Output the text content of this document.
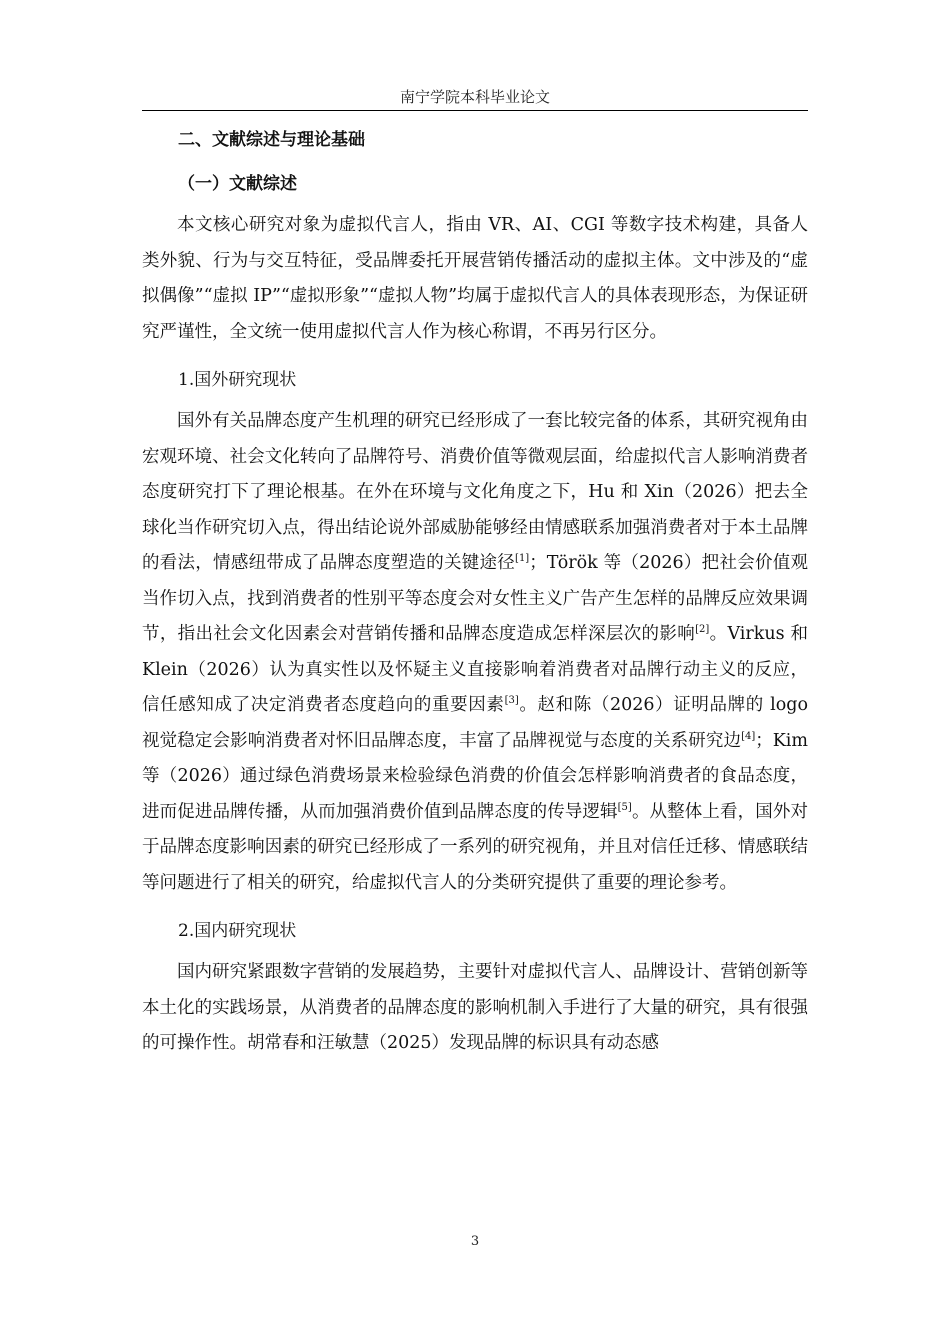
南宁学院本科毕业论文

二、文献综述与理论基础

（一）文献综述

本文核心研究对象为虚拟代言人，指由 VR、AI、CGI 等数字技术构建，具备人类外貌、行为与交互特征，受品牌委托开展营销传播活动的虚拟主体。文中涉及的“虚拟偶像”“虚拟 IP”“虚拟形象”“虚拟人物”均属于虚拟代言人的具体表现形态，为保证研究严谨性，全文统一使用虚拟代言人作为核心称谓，不再另行区分。

1.国外研究现状

国外有关品牌态度产生机理的研究已经形成了一套比较完备的体系，其研究视角由宏观环境、社会文化转向了品牌符号、消费价值等微观层面，给虚拟代言人影响消费者态度研究打下了理论根基。在外在环境与文化角度之下，Hu 和 Xin（2026）把去全球化当作研究切入点，得出结论说外部威胁能够经由情感联系加强消费者对于本土品牌的看法，情感纽带成了品牌态度塑造的关键途径[1]；Török 等（2026）把社会价值观当作切入点，找到消费者的性别平等态度会对女性主义广告产生怎样的品牌反应效果调节，指出社会文化因素会对营销传播和品牌态度造成怎样深层次的影响[2]。Virkus 和 Klein（2026）认为真实性以及怀疑主义直接影响着消费者对品牌行动主义的反应，信任感知成了决定消费者态度趋向的重要因素[3]。赵和陈（2026）证明品牌的 logo 视觉稳定会影响消费者对怀旧品牌态度，丰富了品牌视觉与态度的关系研究边[4]；Kim 等（2026）通过绿色消费场景来检验绿色消费的价值会怎样影响消费者的食品态度，进而促进品牌传播，从而加强消费价值到品牌态度的传导逻辑[5]。从整体上看，国外对于品牌态度影响因素的研究已经形成了一系列的研究视角，并且对信任迁移、情感联结等问题进行了相关的研究，给虚拟代言人的分类研究提供了重要的理论参考。

2.国内研究现状

国内研究紧跟数字营销的发展趋势，主要针对虚拟代言人、品牌设计、营销创新等本土化的实践场景，从消费者的品牌态度的影响机制入手进行了大量的研究，具有很强的可操作性。胡常春和汪敏慧（2025）发现品牌的标识具有动态感

3
